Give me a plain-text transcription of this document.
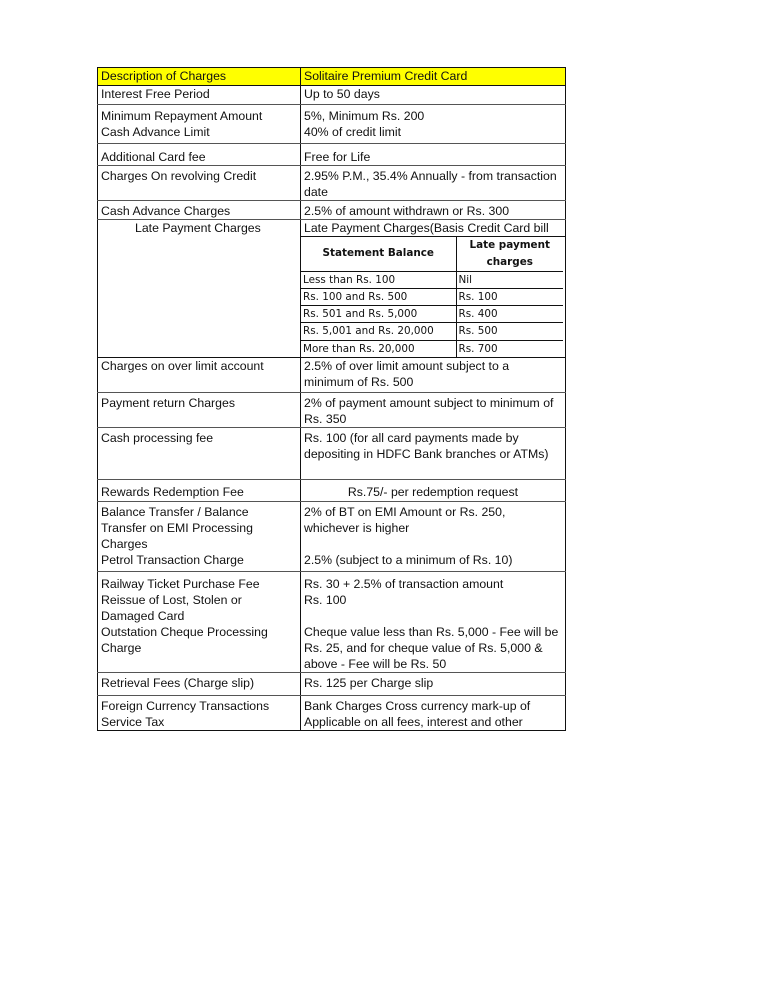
Description of Charges	Solitaire Premium Credit Card
Interest Free Period	Up to 50 days
Minimum Repayment Amount	5%, Minimum Rs. 200
Cash Advance Limit	40% of credit limit
Additional Card fee	Free for Life
Charges On revolving Credit	2.95% P.M., 35.4% Annually - from transaction date
Cash Advance Charges	2.5% of amount withdrawn or Rs. 300
Late Payment Charges	Late Payment Charges(Basis Credit Card bill
Statement Balance	Late payment charges
Less than Rs. 100	Nil
Rs. 100 and Rs. 500	Rs. 100
Rs. 501 and Rs. 5,000	Rs. 400
Rs. 5,001 and Rs. 20,000	Rs. 500
More than Rs. 20,000	Rs. 700

Charges on over limit account	2.5% of over limit amount subject to a minimum of Rs. 500
Payment return Charges	2% of payment amount subject to minimum of Rs. 350
Cash processing fee	Rs. 100 (for all card payments made by depositing in HDFC Bank branches or ATMs)
Rewards Redemption Fee	Rs.75/- per redemption request
Balance Transfer / Balance Transfer on EMI Processing Charges	2% of BT on EMI Amount or Rs. 250, whichever is higher
Petrol Transaction Charge	2.5% (subject to a minimum of Rs. 10)
Railway Ticket Purchase Fee	Rs. 30 + 2.5% of transaction amount
Reissue of Lost, Stolen or Damaged Card	Rs. 100
Outstation Cheque Processing Charge	Cheque value less than Rs. 5,000 - Fee will be Rs. 25, and for cheque value of Rs. 5,000 & above - Fee will be Rs. 50
Retrieval Fees (Charge slip)	Rs. 125 per Charge slip
Foreign Currency Transactions	Bank Charges Cross currency mark-up of
Service Tax	Applicable on all fees, interest and other
